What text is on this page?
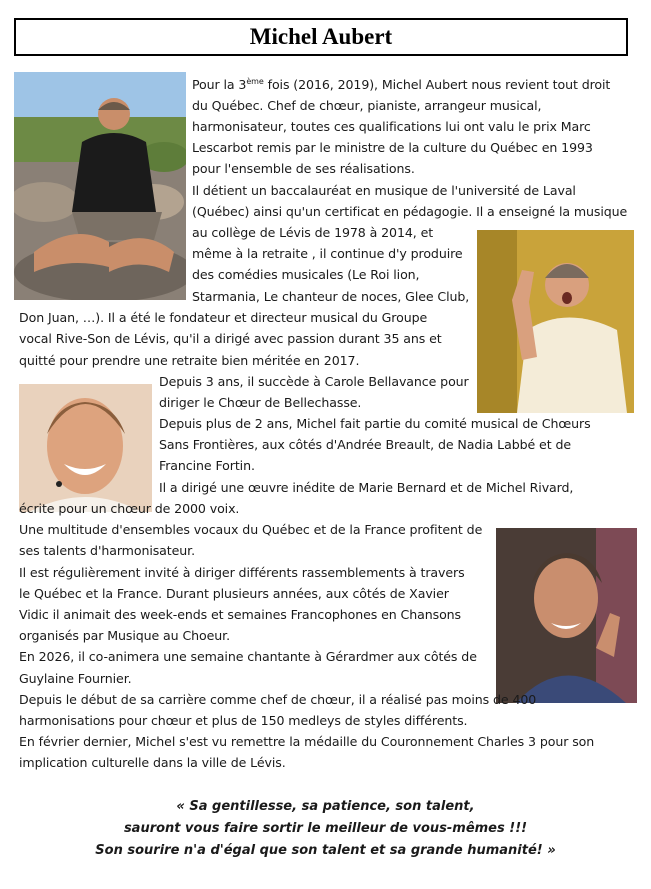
Michel Aubert
Pour la 3ème fois (2016, 2019), Michel Aubert nous revient tout droit
du Québec. Chef de chœur, pianiste, arrangeur musical,
harmonisateur, toutes ces qualifications lui ont valu le prix Marc
Lescarbot remis par le ministre de la culture du Québec en 1993
pour l'ensemble de ses réalisations.
Il détient un baccalauréat en musique de l'université de Laval
(Québec) ainsi qu'un certificat en pédagogie. Il a enseigné la musique
au collège de Lévis de 1978 à 2014, et
même à la retraite , il continue d'y produire
des comédies musicales (Le Roi lion,
Starmania, Le chanteur de noces, Glee Club,
Don Juan, …). Il a été le fondateur et directeur musical du Groupe
vocal Rive-Son de Lévis, qu'il a dirigé avec passion durant 35 ans et
quitté pour prendre une retraite bien méritée en 2017.
Depuis 3 ans, il succède à Carole Bellavance pour
diriger le Chœur de Bellechasse.
Depuis plus de 2 ans, Michel fait partie du comité musical de Chœurs
Sans Frontières, aux côtés d'Andrée Breault, de Nadia Labbé et de
Francine Fortin.
Il a dirigé une œuvre inédite de Marie Bernard et de Michel Rivard,
écrite pour un chœur de 2000 voix.
Une multitude d'ensembles vocaux du Québec et de la France profitent de
ses talents d'harmonisateur.
Il est régulièrement invité à diriger différents rassemblements à travers
le Québec et la France. Durant plusieurs années, aux côtés de Xavier
Vidic il animait des week-ends et semaines Francophones en Chansons
organisés par Musique au Choeur.
En 2026, il co-animera une semaine chantante à Gérardmer aux côtés de
Guylaine Fournier.
Depuis le début de sa carrière comme chef de chœur, il a réalisé pas moins de 400
harmonisations pour chœur et plus de 150 medleys de styles différents.
En février dernier, Michel s'est vu remettre la médaille du Couronnement Charles 3 pour son
implication culturelle dans la ville de Lévis.
« Sa gentillesse, sa patience, son talent,
sauront vous faire sortir le meilleur de vous-mêmes !!!
Son sourire n'a d'égal que son talent et sa grande humanité! »
